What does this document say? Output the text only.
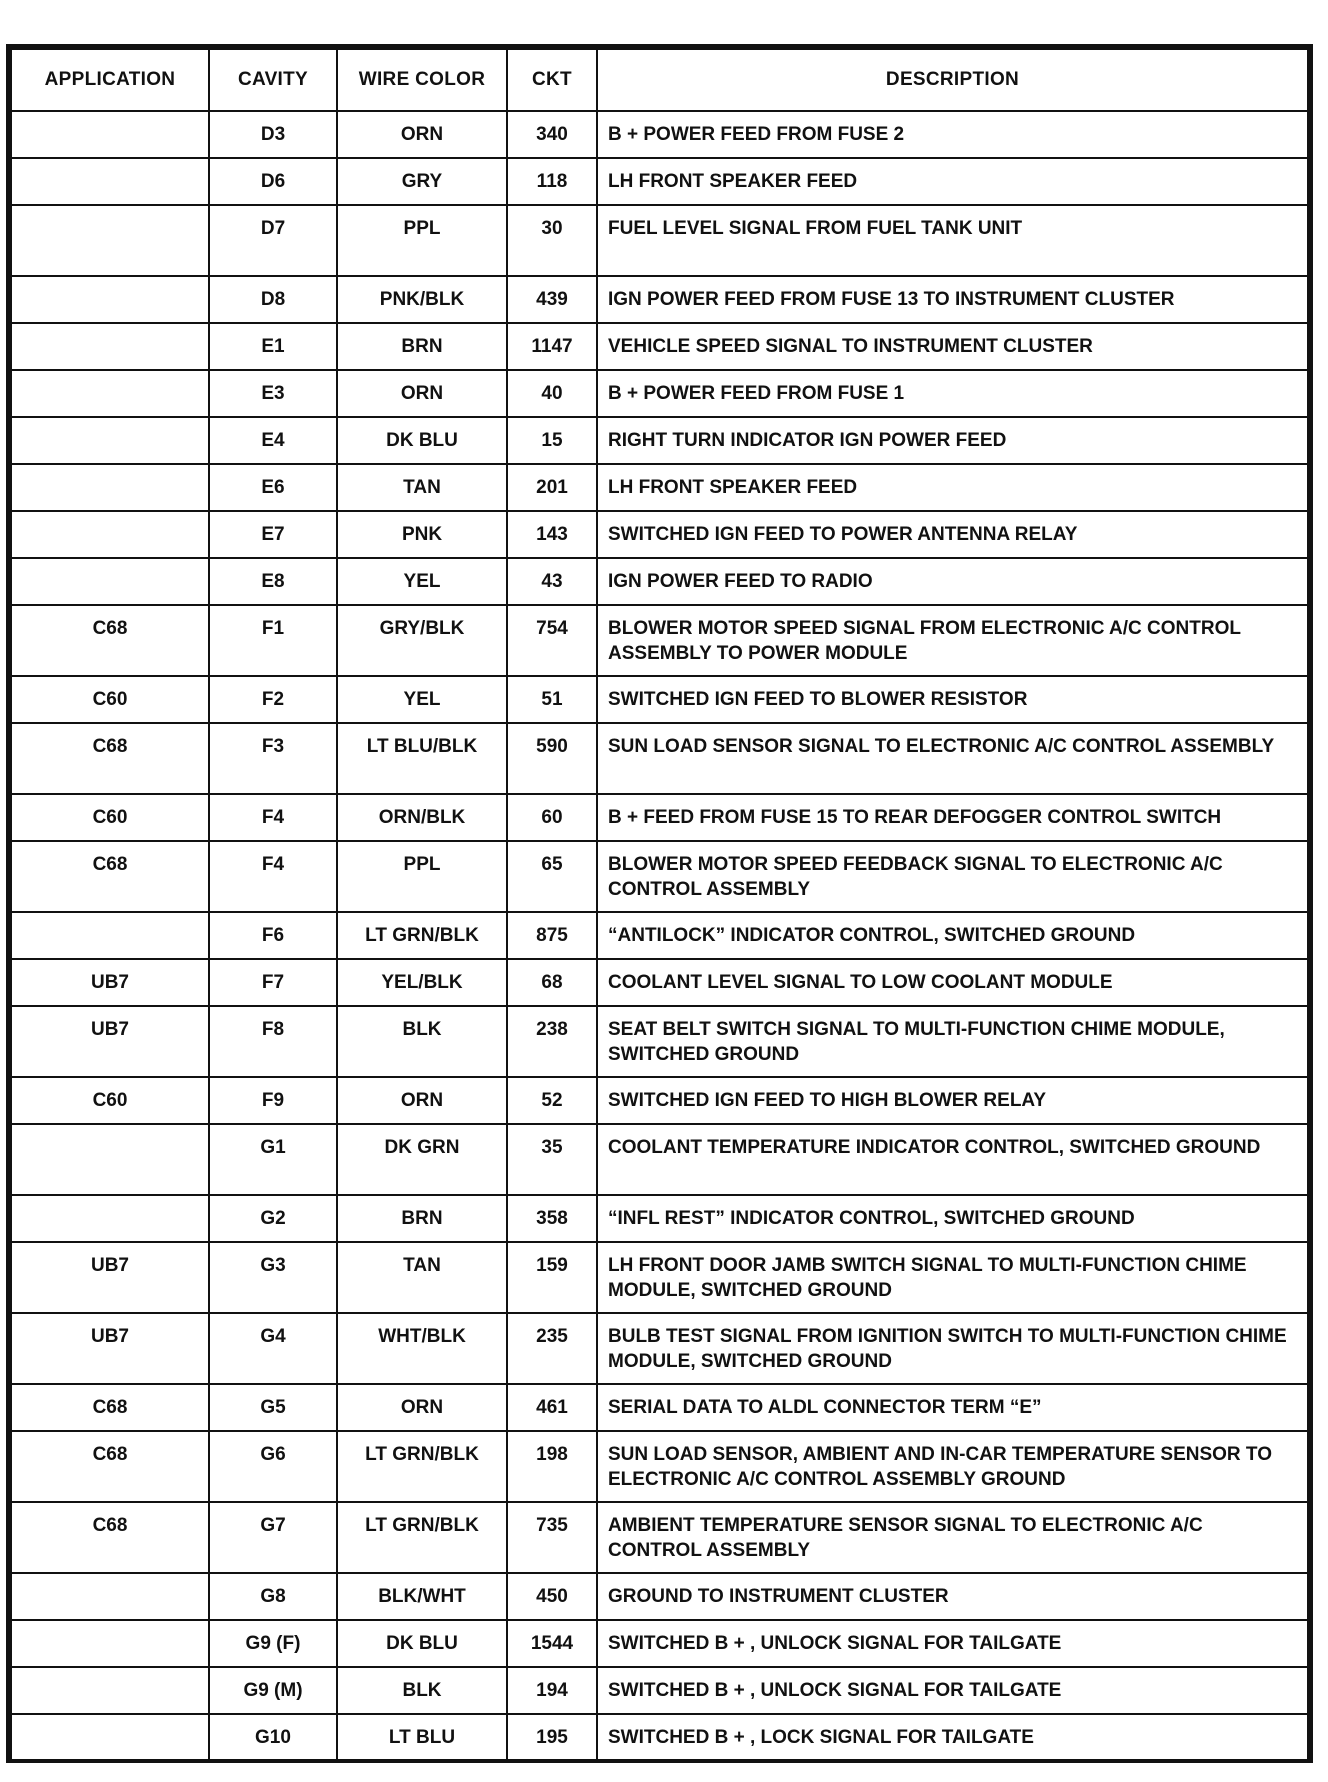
APPLICATION	CAVITY	WIRE COLOR	CKT	DESCRIPTION
	D3	ORN	340	B + POWER FEED FROM FUSE 2
	D6	GRY	118	LH FRONT SPEAKER FEED
	D7	PPL	30	FUEL LEVEL SIGNAL FROM FUEL TANK UNIT
	D8	PNK/BLK	439	IGN POWER FEED FROM FUSE 13 TO INSTRUMENT CLUSTER
	E1	BRN	1147	VEHICLE SPEED SIGNAL TO INSTRUMENT CLUSTER
	E3	ORN	40	B + POWER FEED FROM FUSE 1
	E4	DK BLU	15	RIGHT TURN INDICATOR IGN POWER FEED
	E6	TAN	201	LH FRONT SPEAKER FEED
	E7	PNK	143	SWITCHED IGN FEED TO POWER ANTENNA RELAY
	E8	YEL	43	IGN POWER FEED TO RADIO
C68	F1	GRY/BLK	754	BLOWER MOTOR SPEED SIGNAL FROM ELECTRONIC A/C CONTROL ASSEMBLY TO POWER MODULE
C60	F2	YEL	51	SWITCHED IGN FEED TO BLOWER RESISTOR
C68	F3	LT BLU/BLK	590	SUN LOAD SENSOR SIGNAL TO ELECTRONIC A/C CONTROL ASSEMBLY
C60	F4	ORN/BLK	60	B + FEED FROM FUSE 15 TO REAR DEFOGGER CONTROL SWITCH
C68	F4	PPL	65	BLOWER MOTOR SPEED FEEDBACK SIGNAL TO ELECTRONIC A/C CONTROL ASSEMBLY
	F6	LT GRN/BLK	875	“ANTILOCK” INDICATOR CONTROL, SWITCHED GROUND
UB7	F7	YEL/BLK	68	COOLANT LEVEL SIGNAL TO LOW COOLANT MODULE
UB7	F8	BLK	238	SEAT BELT SWITCH SIGNAL TO MULTI-FUNCTION CHIME MODULE, SWITCHED GROUND
C60	F9	ORN	52	SWITCHED IGN FEED TO HIGH BLOWER RELAY
	G1	DK GRN	35	COOLANT TEMPERATURE INDICATOR CONTROL, SWITCHED GROUND
	G2	BRN	358	“INFL REST” INDICATOR CONTROL, SWITCHED GROUND
UB7	G3	TAN	159	LH FRONT DOOR JAMB SWITCH SIGNAL TO MULTI-FUNCTION CHIME MODULE, SWITCHED GROUND
UB7	G4	WHT/BLK	235	BULB TEST SIGNAL FROM IGNITION SWITCH TO MULTI-FUNCTION CHIME MODULE, SWITCHED GROUND
C68	G5	ORN	461	SERIAL DATA TO ALDL CONNECTOR TERM “E”
C68	G6	LT GRN/BLK	198	SUN LOAD SENSOR, AMBIENT AND IN-CAR TEMPERATURE SENSOR TO ELECTRONIC A/C CONTROL ASSEMBLY GROUND
C68	G7	LT GRN/BLK	735	AMBIENT TEMPERATURE SENSOR SIGNAL TO ELECTRONIC A/C CONTROL ASSEMBLY
	G8	BLK/WHT	450	GROUND TO INSTRUMENT CLUSTER
	G9 (F)	DK BLU	1544	SWITCHED B + , UNLOCK SIGNAL FOR TAILGATE
	G9 (M)	BLK	194	SWITCHED B + , UNLOCK SIGNAL FOR TAILGATE
	G10	LT BLU	195	SWITCHED B + , LOCK SIGNAL FOR TAILGATE
